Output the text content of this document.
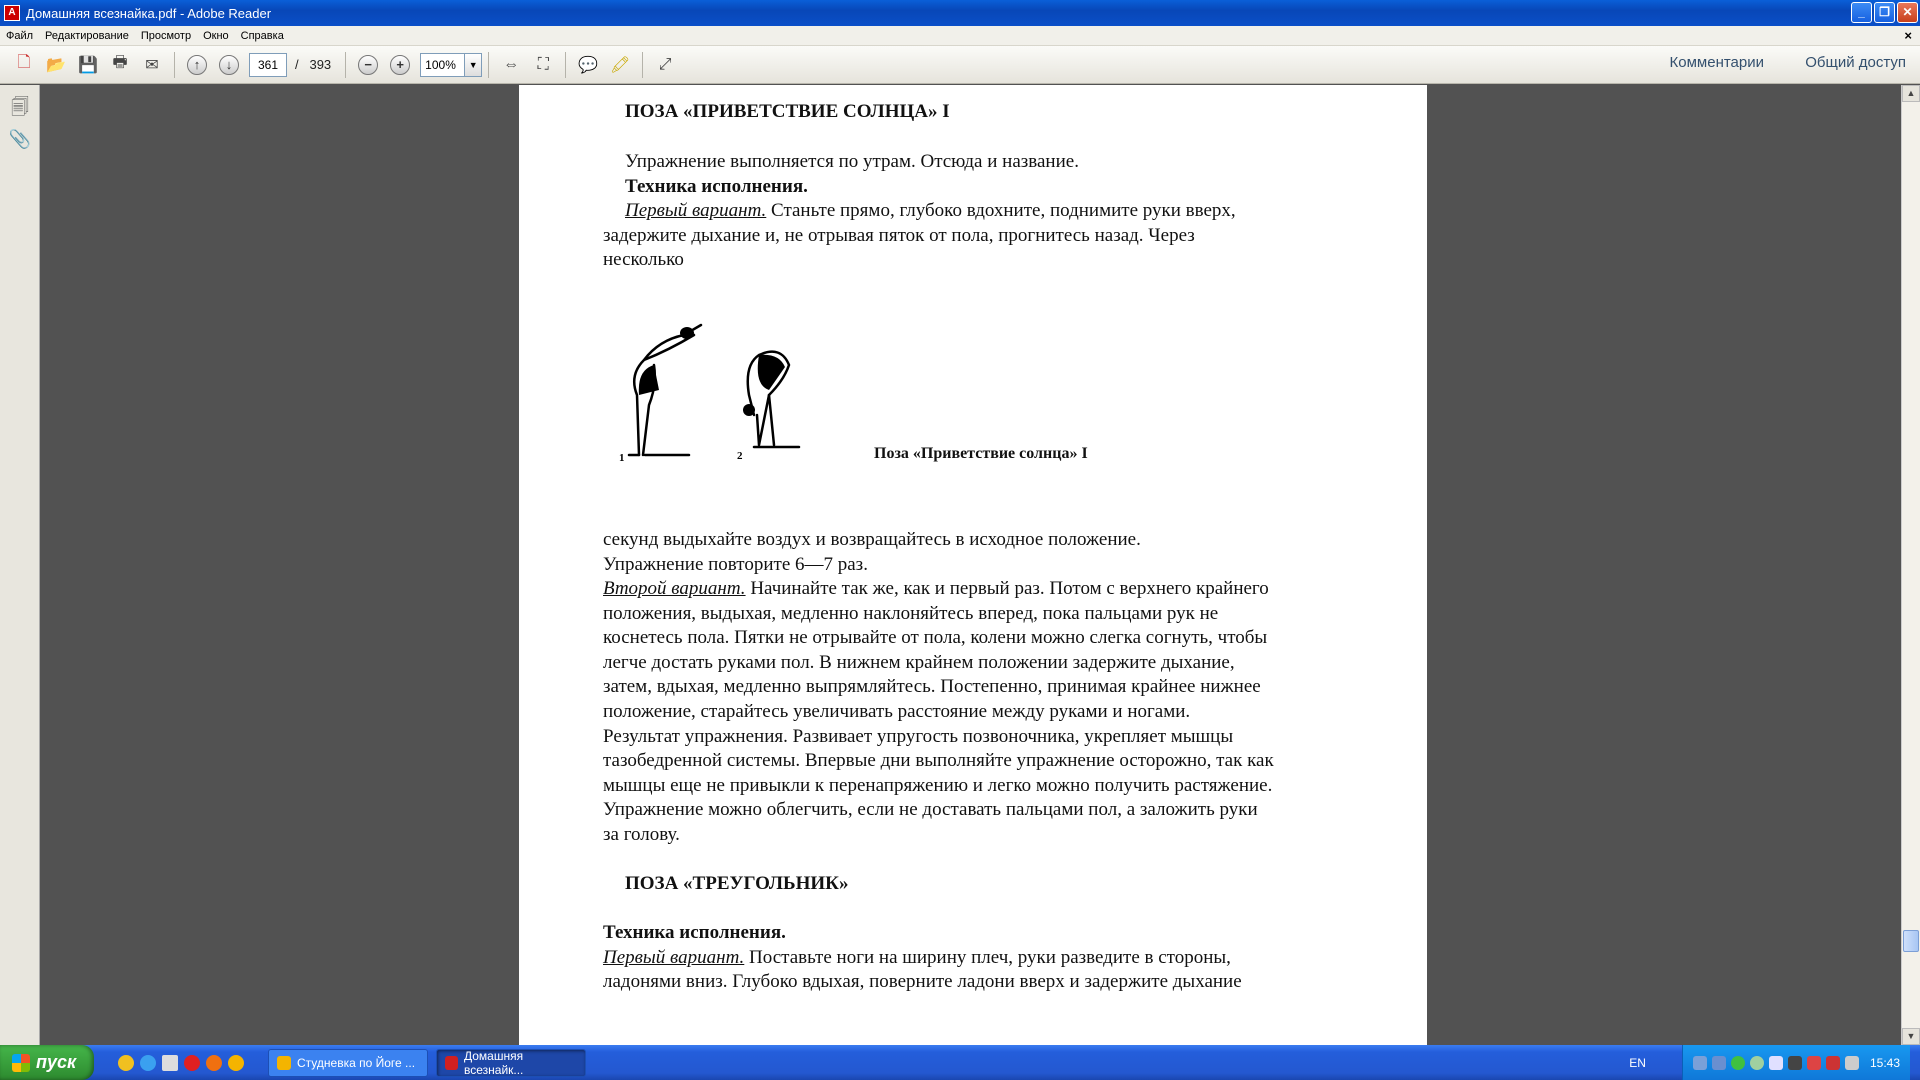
A Домашняя всезнайка.pdf - Adobe Reader	_	❐	✕
Файл	Редактирование	Просмотр	Окно	Справка	×
🗋 📂 💾 🖶	✉	↑	↓	361	/ 393	−	+	100%	▼	⇔	⛶	💬 🖍	⤢	Комментарии	Общий доступ
🗐
📎
ПОЗА «ПРИВЕТСТВИЕ СОЛНЦА» I
Упражнение выполняется по утрам. Отсюда и название.
Техника исполнения.
Первый вариант. Станьте прямо, глубоко вдохните, поднимите руки вверх,
задержите дыхание и, не отрывая пяток от пола, прогнитесь назад. Через
несколько
1	2	Поза «Приветствие солнца» I
секунд выдыхайте воздух и возвращайтесь в исходное положение.
Упражнение повторите 6—7 раз.
Второй вариант. Начинайте так же, как и первый раз. Потом с верхнего крайнего
положения, выдыхая, медленно наклоняйтесь вперед, пока пальцами рук не
коснетесь пола. Пятки не отрывайте от пола, колени можно слегка согнуть, чтобы
легче достать руками пол. В нижнем крайнем положении задержите дыхание,
затем, вдыхая, медленно выпрямляйтесь. Постепенно, принимая крайнее нижнее
положение, старайтесь увеличивать расстояние между руками и ногами.
Результат упражнения. Развивает упругость позвоночника, укрепляет мышцы
тазобедренной системы. Впервые дни выполняйте упражнение осторожно, так как
мышцы еще не привыкли к перенапряжению и легко можно получить растяжение.
Упражнение можно облегчить, если не доставать пальцами пол, а заложить руки
за голову.
ПОЗА «ТРЕУГОЛЬНИК»
Техника исполнения.
Первый вариант. Поставьте ноги на ширину плеч, руки разведите в стороны,
ладонями вниз. Глубоко вдыхая, поверните ладони вверх и задержите дыхание
▲
▼
пуск	Студневка по Йоге ...	Домашняя всезнайк...	EN	15:43
